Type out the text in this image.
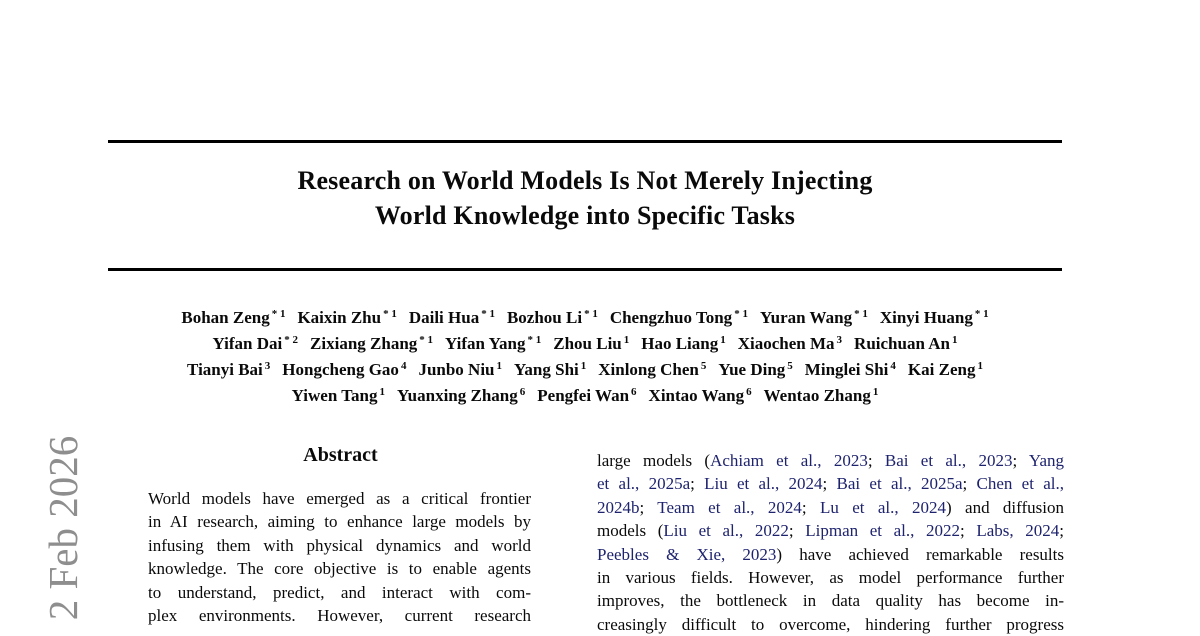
2 Feb 2026
Research on World Models Is Not Merely Injecting
World Knowledge into Specific Tasks
Bohan Zeng $^{* 1}$ Kaixin Zhu $^{* 1}$ Daili Hua $^{* 1}$ Bozhou Li $^{* 1}$ Chengzhuo Tong $^{* 1}$ Yuran Wang $^{* 1}$ Xinyi Huang $^{* 1}$
Yifan Dai $^{* 2}$ Zixiang Zhang $^{* 1}$ Yifan Yang $^{* 1}$ Zhou Liu $^1$ Hao Liang $^1$ Xiaochen Ma $^3$ Ruichuan An $^1$
Tianyi Bai $^3$ Hongcheng Gao $^4$ Junbo Niu $^1$ Yang Shi $^1$ Xinlong Chen $^5$ Yue Ding $^5$ Minglei Shi $^4$ Kai Zeng $^1$
Yiwen Tang $^1$ Yuanxing Zhang $^6$ Pengfei Wan $^6$ Xintao Wang $^6$ Wentao Zhang $^1$
Abstract
World models have emerged as a critical frontier
in AI research, aiming to enhance large models by
infusing them with physical dynamics and world
knowledge. The core objective is to enable agents
to understand, predict, and interact with com-
plex environments. However, current research
large models (Achiam et al., 2023; Bai et al., 2023; Yang
et al., 2025a; Liu et al., 2024; Bai et al., 2025a; Chen et al.,
2024b; Team et al., 2024; Lu et al., 2024) and diffusion
models (Liu et al., 2022; Lipman et al., 2022; Labs, 2024;
Peebles & Xie, 2023) have achieved remarkable results
in various fields. However, as model performance further
improves, the bottleneck in data quality has become in-
creasingly difficult to overcome, hindering further progress
